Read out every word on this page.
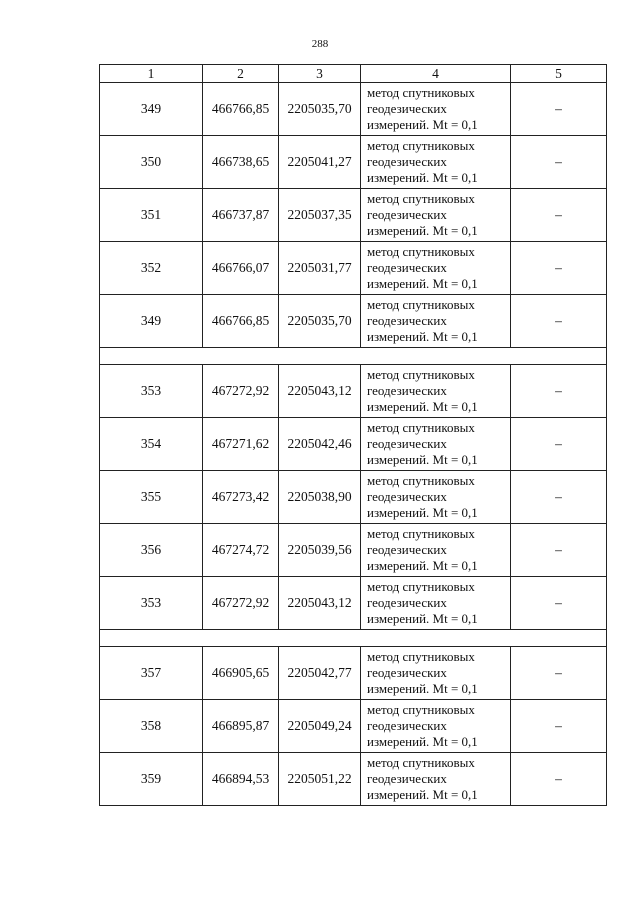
288
1	2	3	4	5
349	466766,85	2205035,70	метод спутниковых геодезических измерений. Mt = 0,1	–
350	466738,65	2205041,27	метод спутниковых геодезических измерений. Mt = 0,1	–
351	466737,87	2205037,35	метод спутниковых геодезических измерений. Mt = 0,1	–
352	466766,07	2205031,77	метод спутниковых геодезических измерений. Mt = 0,1	–
349	466766,85	2205035,70	метод спутниковых геодезических измерений. Mt = 0,1	–

353	467272,92	2205043,12	метод спутниковых геодезических измерений. Mt = 0,1	–
354	467271,62	2205042,46	метод спутниковых геодезических измерений. Mt = 0,1	–
355	467273,42	2205038,90	метод спутниковых геодезических измерений. Mt = 0,1	–
356	467274,72	2205039,56	метод спутниковых геодезических измерений. Mt = 0,1	–
353	467272,92	2205043,12	метод спутниковых геодезических измерений. Mt = 0,1	–

357	466905,65	2205042,77	метод спутниковых геодезических измерений. Mt = 0,1	–
358	466895,87	2205049,24	метод спутниковых геодезических измерений. Mt = 0,1	–
359	466894,53	2205051,22	метод спутниковых геодезических измерений. Mt = 0,1	–
